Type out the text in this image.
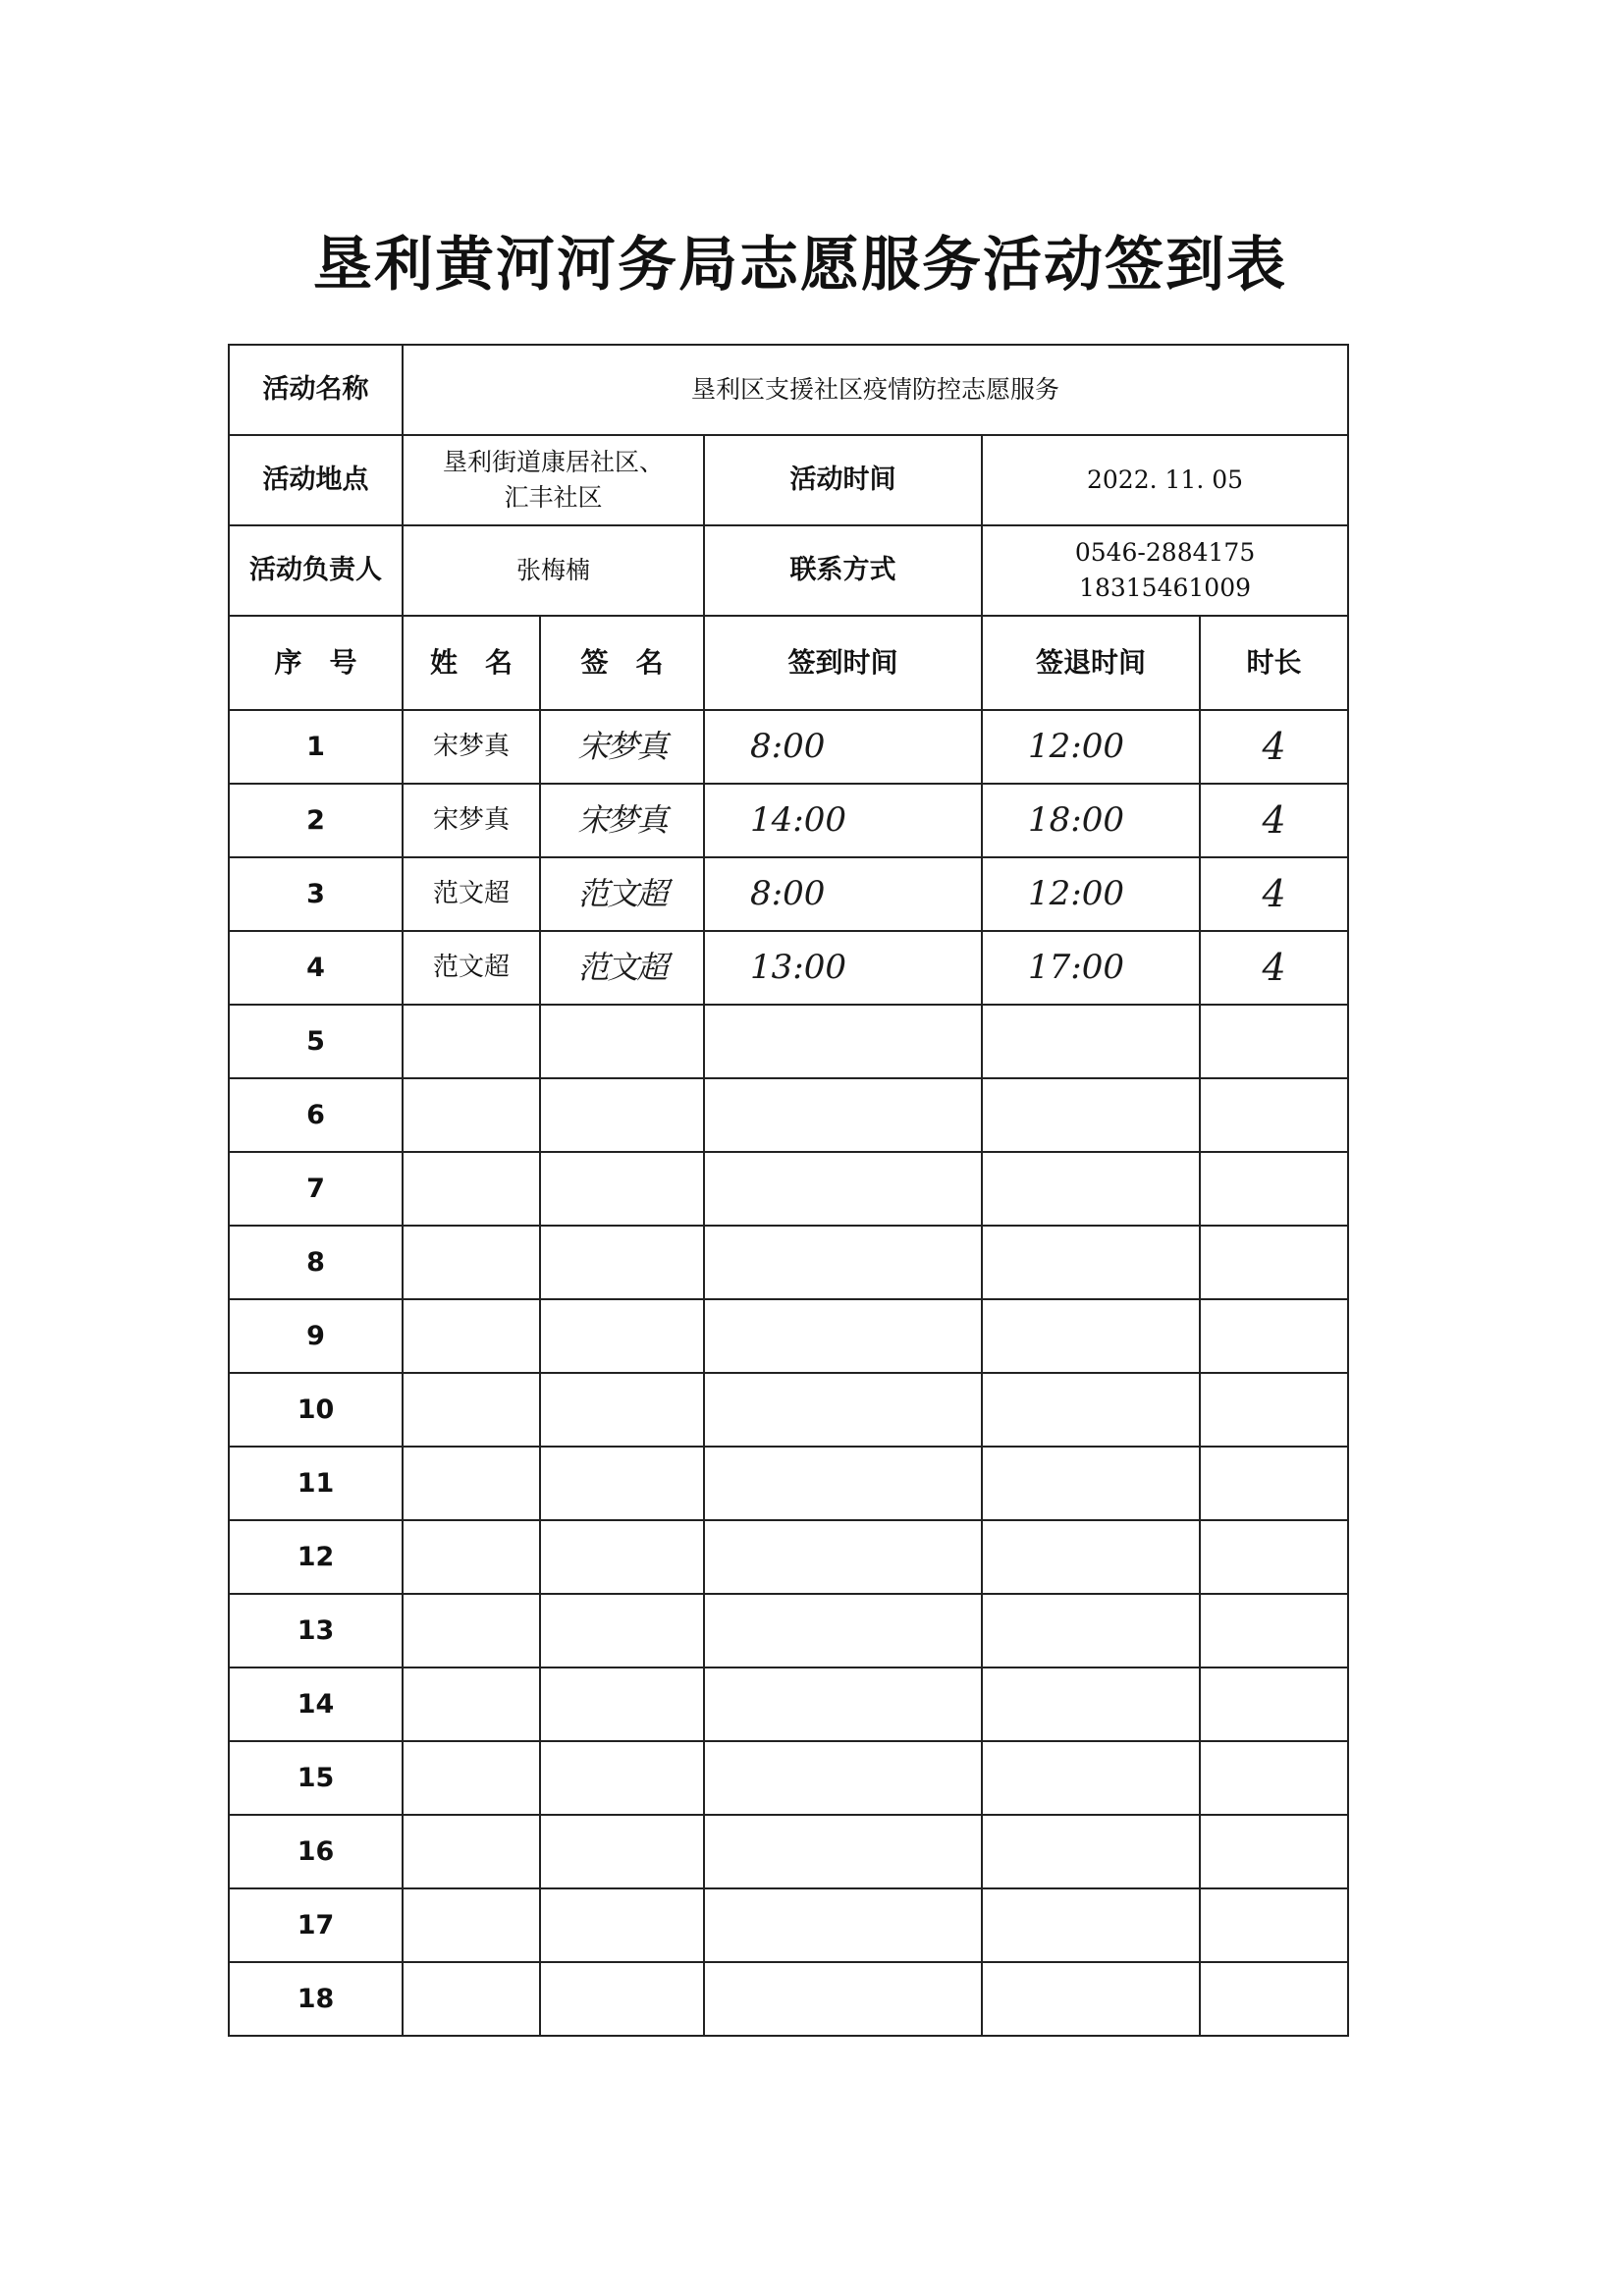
垦利黄河河务局志愿服务活动签到表
活动名称	垦利区支援社区疫情防控志愿服务				
活动地点	垦利街道康居社区、
汇丰社区		活动时间	2022. 11. 05	
活动负责人	张梅楠		联系方式	0546-2884175
18315461009	

序　号	姓　名	签　名	签到时间	签退时间	时长
1	宋梦真	宋梦真	8:00	12:00	4
2	宋梦真	宋梦真	14:00	18:00	4
3	范文超	范文超	8:00	12:00	4
4	范文超	范文超	13:00	17:00	4
5					
6					
7					
8					
9					
10					
11					
12					
13					
14					
15					
16					
17					
18					
